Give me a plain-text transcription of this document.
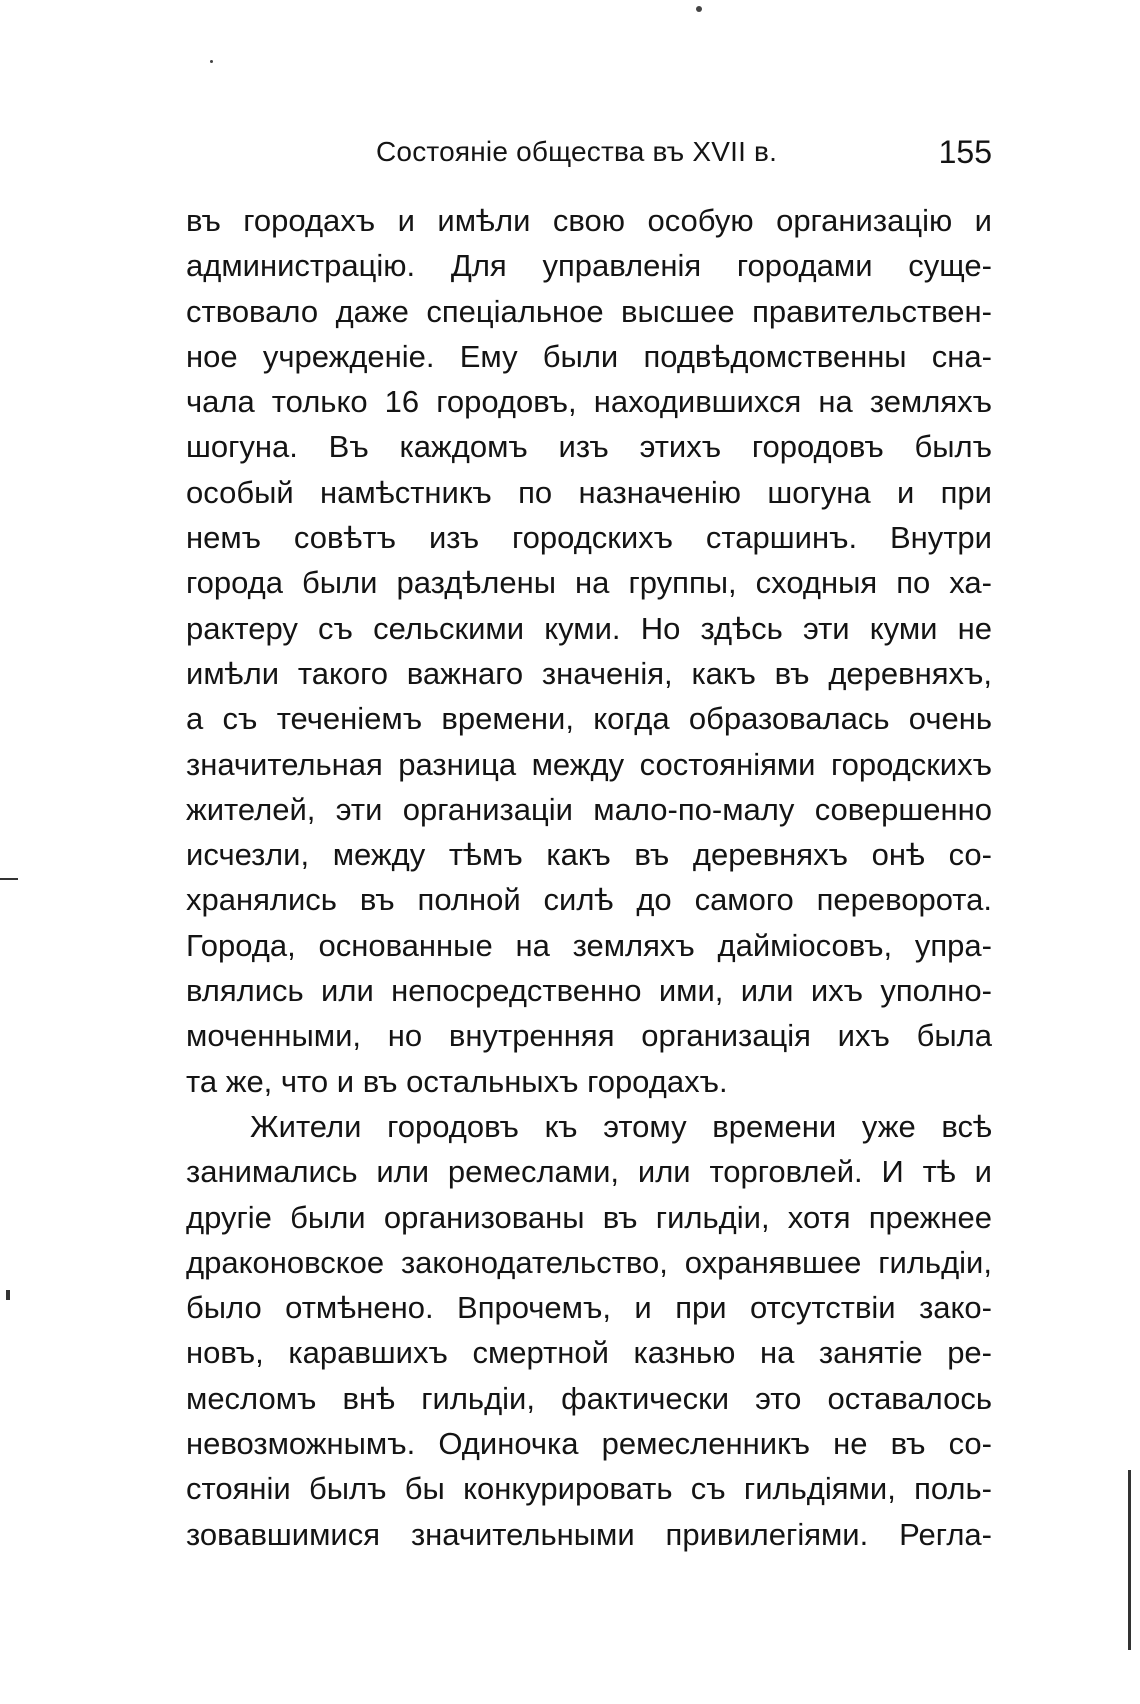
Состояніе общества въ XVII в.	155
въ городахъ и имѣли свою особую организацію и
администрацію. Для управленія городами суще-
ствовало даже спеціальное высшее правительствен-
ное учрежденіе. Ему были подвѣдомственны сна-
чала только 16 городовъ, находившихся на земляхъ
шогуна. Въ каждомъ изъ этихъ городовъ былъ
особый намѣстникъ по назначенію шогуна и при
немъ совѣтъ изъ городскихъ старшинъ. Внутри
города были раздѣлены на группы, сходныя по ха-
рактеру съ сельскими куми. Но здѣсь эти куми не
имѣли такого важнаго значенія, какъ въ деревняхъ,
а съ теченіемъ времени, когда образовалась очень
значительная разница между состояніями городскихъ
жителей, эти организаціи мало-по-малу совершенно
исчезли, между тѣмъ какъ въ деревняхъ онѣ со-
хранялись въ полной силѣ до самого переворота.
Города, основанные на земляхъ дайміосовъ, упра-
влялись или непосредственно ими, или ихъ уполно-
моченными, но внутренняя организація ихъ была
та же, что и въ остальныхъ городахъ.
Жители городовъ къ этому времени уже всѣ
занимались или ремеслами, или торговлей. И тѣ и
другіе были организованы въ гильдіи, хотя прежнее
драконовское законодательство, охранявшее гильдіи,
было отмѣнено. Впрочемъ, и при отсутствіи зако-
новъ, каравшихъ смертной казнью на занятіе ре-
месломъ внѣ гильдіи, фактически это оставалось
невозможнымъ. Одиночка ремесленникъ не въ со-
стояніи былъ бы конкурировать съ гильдіями, поль-
зовавшимися значительными привилегіями. Регла-
